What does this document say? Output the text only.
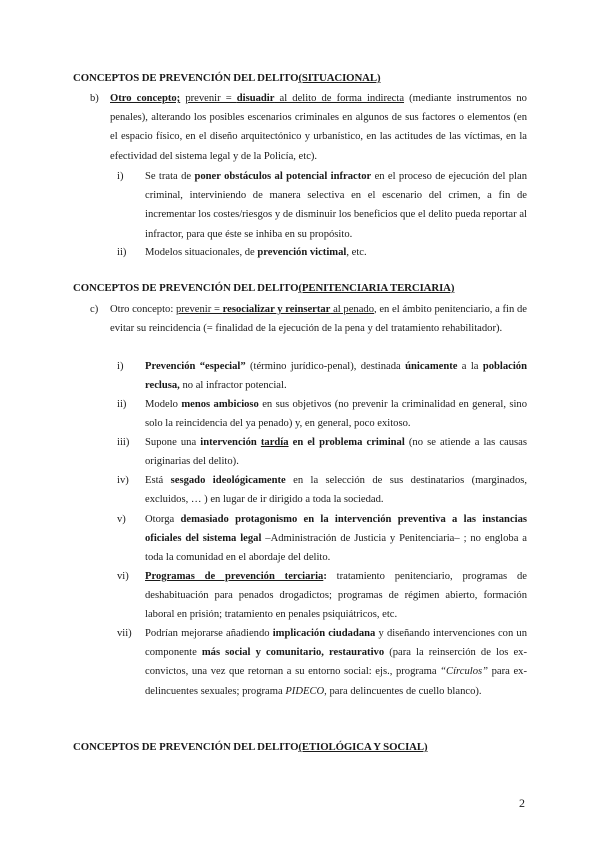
CONCEPTOS DE PREVENCIÓN DEL DELITO(SITUACIONAL)
b) Otro concepto; prevenir = disuadir al delito de forma indirecta (mediante instrumentos no penales), alterando los posibles escenarios criminales en algunos de sus factores o elementos (en el espacio físico, en el diseño arquitectónico y urbanístico, en las actitudes de las víctimas, en la efectividad del sistema legal y de la Policía, etc).
i) Se trata de poner obstáculos al potencial infractor en el proceso de ejecución del plan criminal, interviniendo de manera selectiva en el escenario del crimen, a fin de incrementar los costes/riesgos y de disminuir los beneficios que el delito pueda reportar al infractor, para que éste se inhiba en su propósito.
ii) Modelos situacionales, de prevención victimal, etc.
CONCEPTOS DE PREVENCIÓN DEL DELITO(PENITENCIARIA TERCIARIA)
c) Otro concepto: prevenir = resocializar y reinsertar al penado, en el ámbito penitenciario, a fin de evitar su reincidencia (= finalidad de la ejecución de la pena y del tratamiento rehabilitador).
i) Prevención “especial” (término jurídico-penal), destinada únicamente a la población reclusa, no al infractor potencial.
ii) Modelo menos ambicioso en sus objetivos (no prevenir la criminalidad en general, sino solo la reincidencia del ya penado) y, en general, poco exitoso.
iii) Supone una intervención tardía en el problema criminal (no se atiende a las causas originarias del delito).
iv) Está sesgado ideológicamente en la selección de sus destinatarios (marginados, excluidos, … ) en lugar de ir dirigido a toda la sociedad.
v) Otorga demasiado protagonismo en la intervención preventiva a las instancias oficiales del sistema legal –Administración de Justicia y Penitenciaria– ; no engloba a toda la comunidad en el abordaje del delito.
vi) Programas de prevención terciaria: tratamiento penitenciario, programas de deshabituación para penados drogadictos; programas de régimen abierto, formación laboral en prisión; tratamiento en penales psiquiátricos, etc.
vii) Podrían mejorarse añadiendo implicación ciudadana y diseñando intervenciones con un componente más social y comunitario, restaurativo (para la reinserción de los ex-convictos, una vez que retornan a su entorno social: ejs., programa “Círculos” para ex-delincuentes sexuales; programa PIDECO, para delincuentes de cuello blanco).
CONCEPTOS DE PREVENCIÓN DEL DELITO(ETIOLÓGICA Y SOCIAL)
2
